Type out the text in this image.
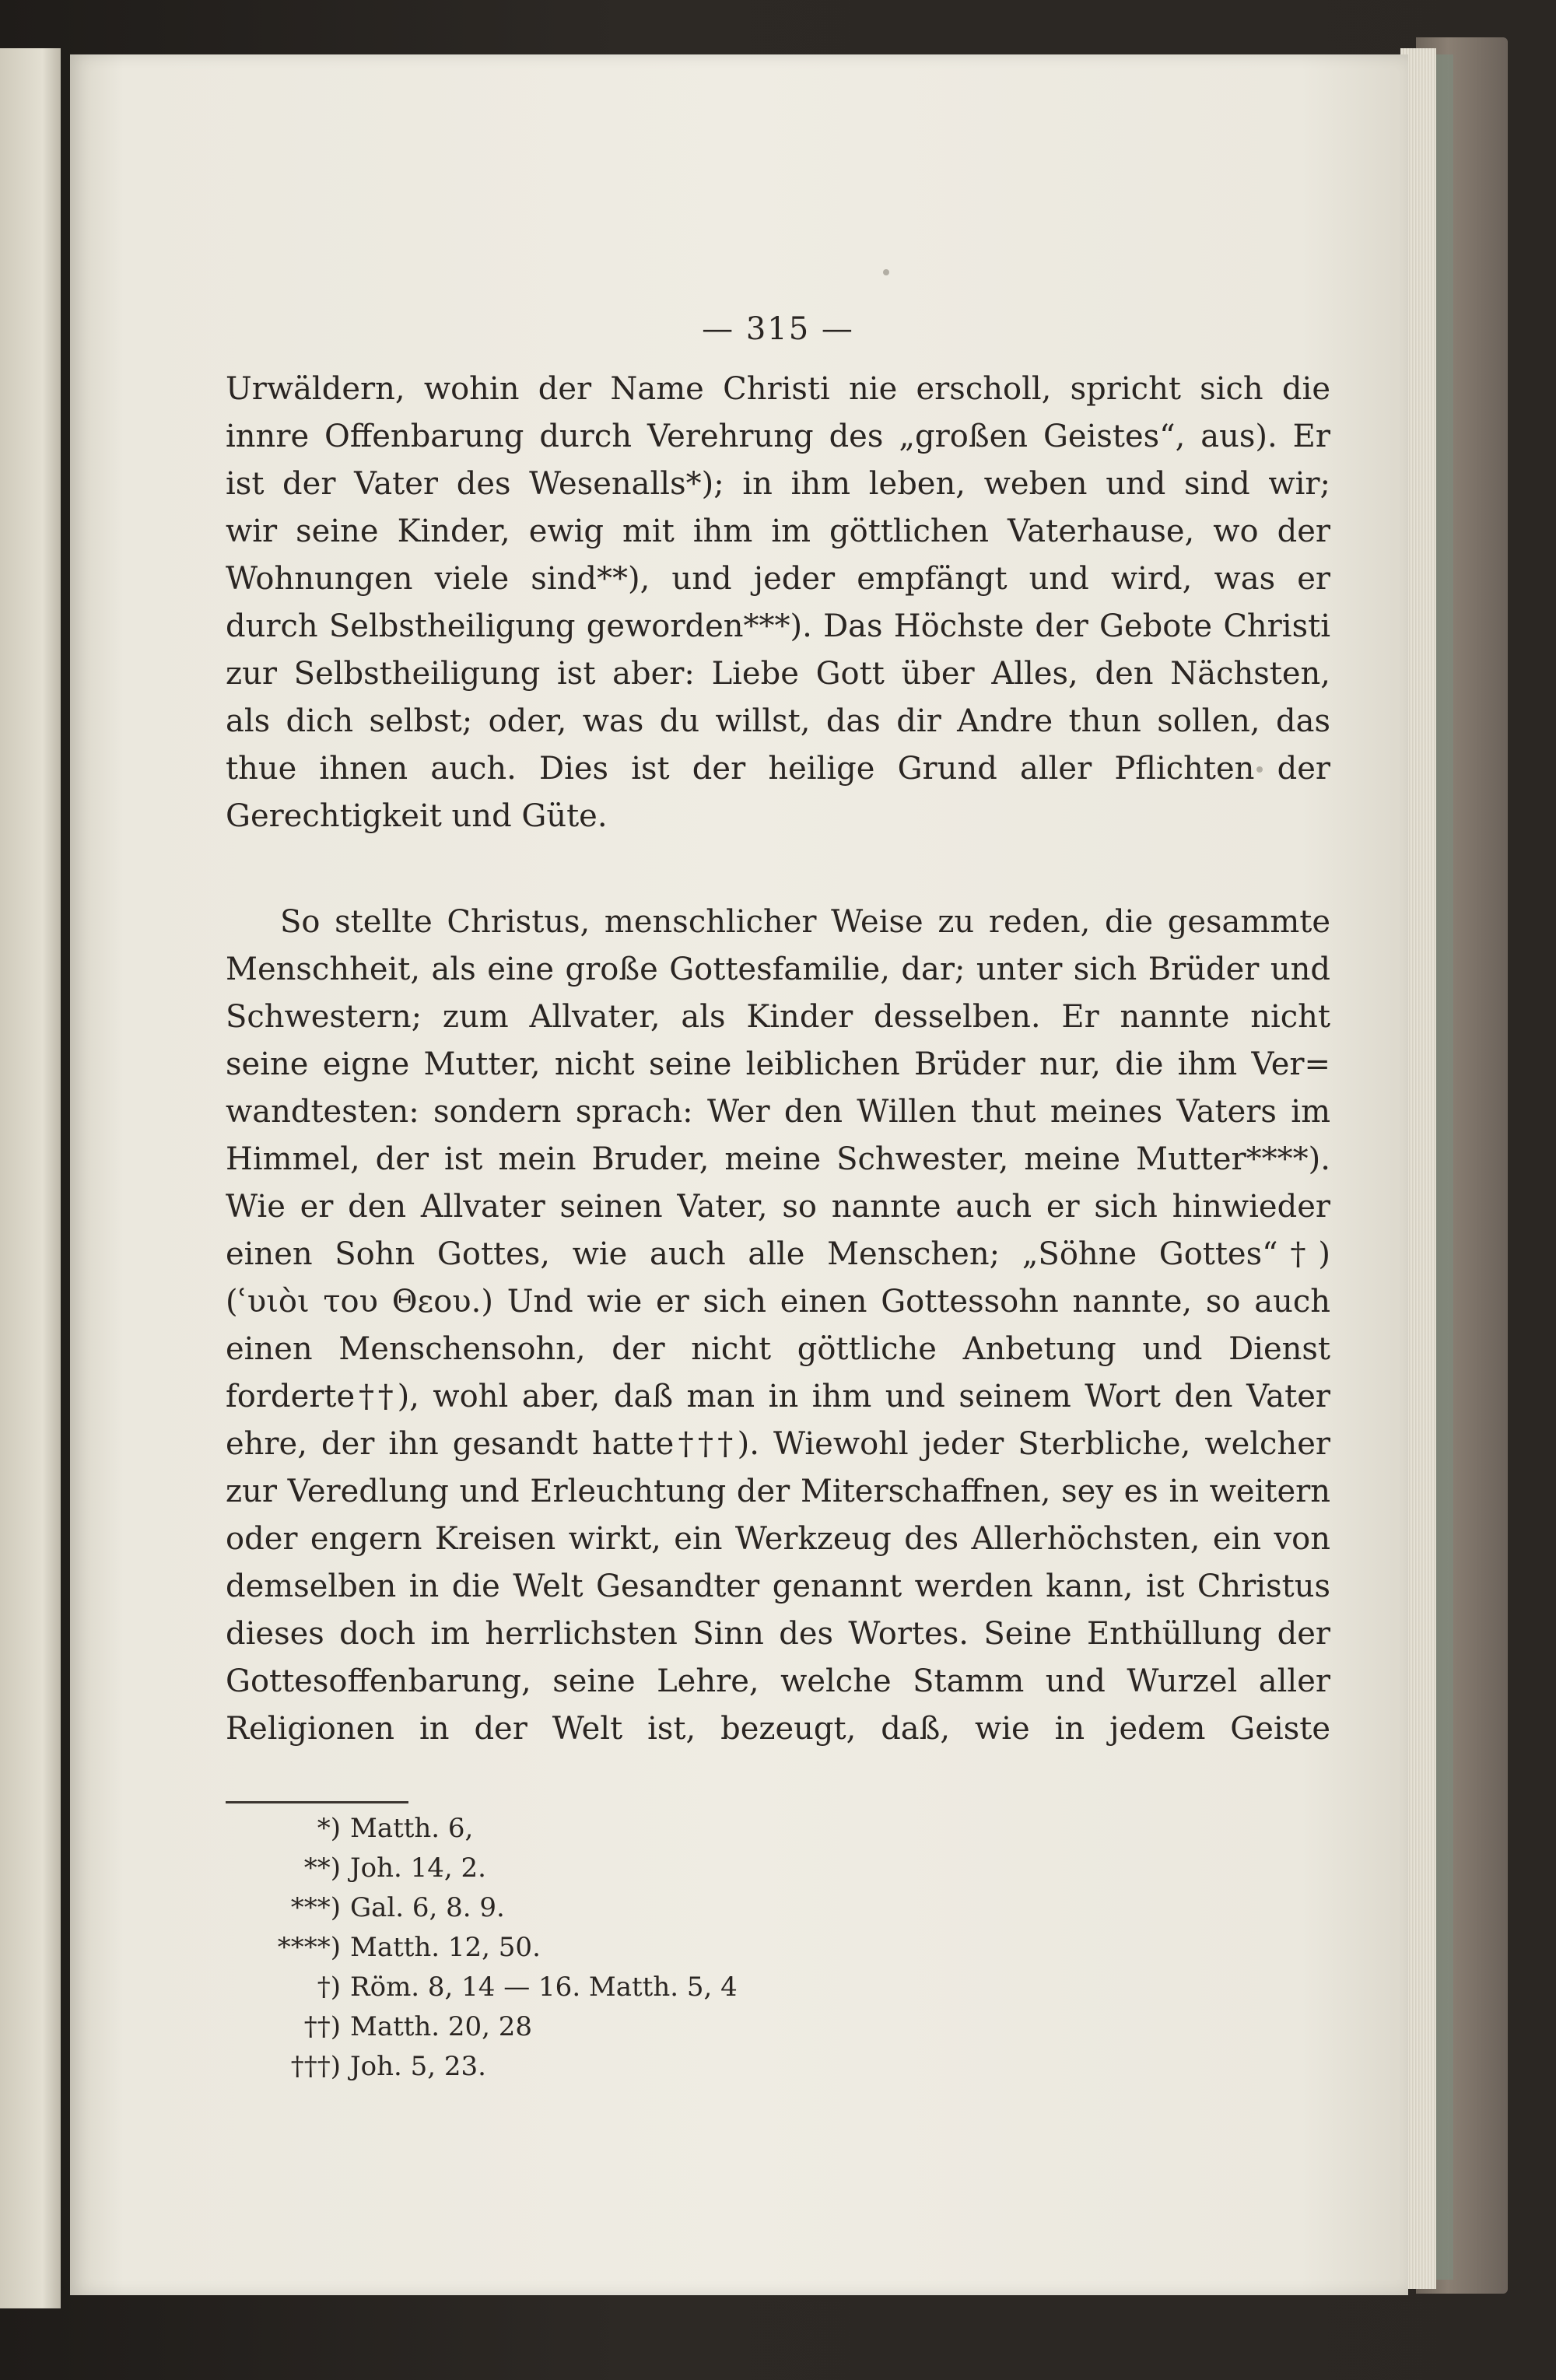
— 315 —
Urwäldern, wohin der Name Christi nie erscholl, spricht sich die
innre Offenbarung durch Verehrung des „großen Geistes“, aus). Er
ist der Vater des Wesenalls*); in ihm leben, weben und sind wir;
wir seine Kinder, ewig mit ihm im göttlichen Vaterhause, wo der
Wohnungen viele sind**), und jeder empfängt und wird, was er
durch Selbstheiligung geworden***). Das Höchste der Gebote Christi
zur Selbstheiligung ist aber: Liebe Gott über Alles, den Nächsten,
als dich selbst; oder, was du willst, das dir Andre thun sollen, das
thue ihnen auch. Dies ist der heilige Grund aller Pflichten der
Gerechtigkeit und Güte.
So stellte Christus, menschlicher Weise zu reden, die gesammte
Menschheit, als eine große Gottesfamilie, dar; unter sich Brüder und
Schwestern; zum Allvater, als Kinder desselben. Er nannte nicht
seine eigne Mutter, nicht seine leiblichen Brüder nur, die ihm Ver=
wandtesten: sondern sprach: Wer den Willen thut meines Vaters im
Himmel, der ist mein Bruder, meine Schwester, meine Mutter****).
Wie er den Allvater seinen Vater, so nannte auch er sich hinwieder
einen Sohn Gottes, wie auch alle Menschen; „Söhne Gottes“†)
(ʿυιὸι του Θεου.) Und wie er sich einen Gottessohn nannte, so auch
einen Menschensohn, der nicht göttliche Anbetung und Dienst
forderte††), wohl aber, daß man in ihm und seinem Wort den Vater
ehre, der ihn gesandt hatte†††). Wiewohl jeder Sterbliche, welcher
zur Veredlung und Erleuchtung der Miterschaffnen, sey es in weitern
oder engern Kreisen wirkt, ein Werkzeug des Allerhöchsten, ein von
demselben in die Welt Gesandter genannt werden kann, ist Christus
dieses doch im herrlichsten Sinn des Wortes. Seine Enthüllung der
Gottesoffenbarung, seine Lehre, welche Stamm und Wurzel aller
Religionen in der Welt ist, bezeugt, daß, wie in jedem Geiste
*) Matth. 6,
**) Joh. 14, 2.
***) Gal. 6, 8. 9.
****) Matth. 12, 50.
†) Röm. 8, 14 — 16. Matth. 5, 4
††) Matth. 20, 28
†††) Joh. 5, 23.
